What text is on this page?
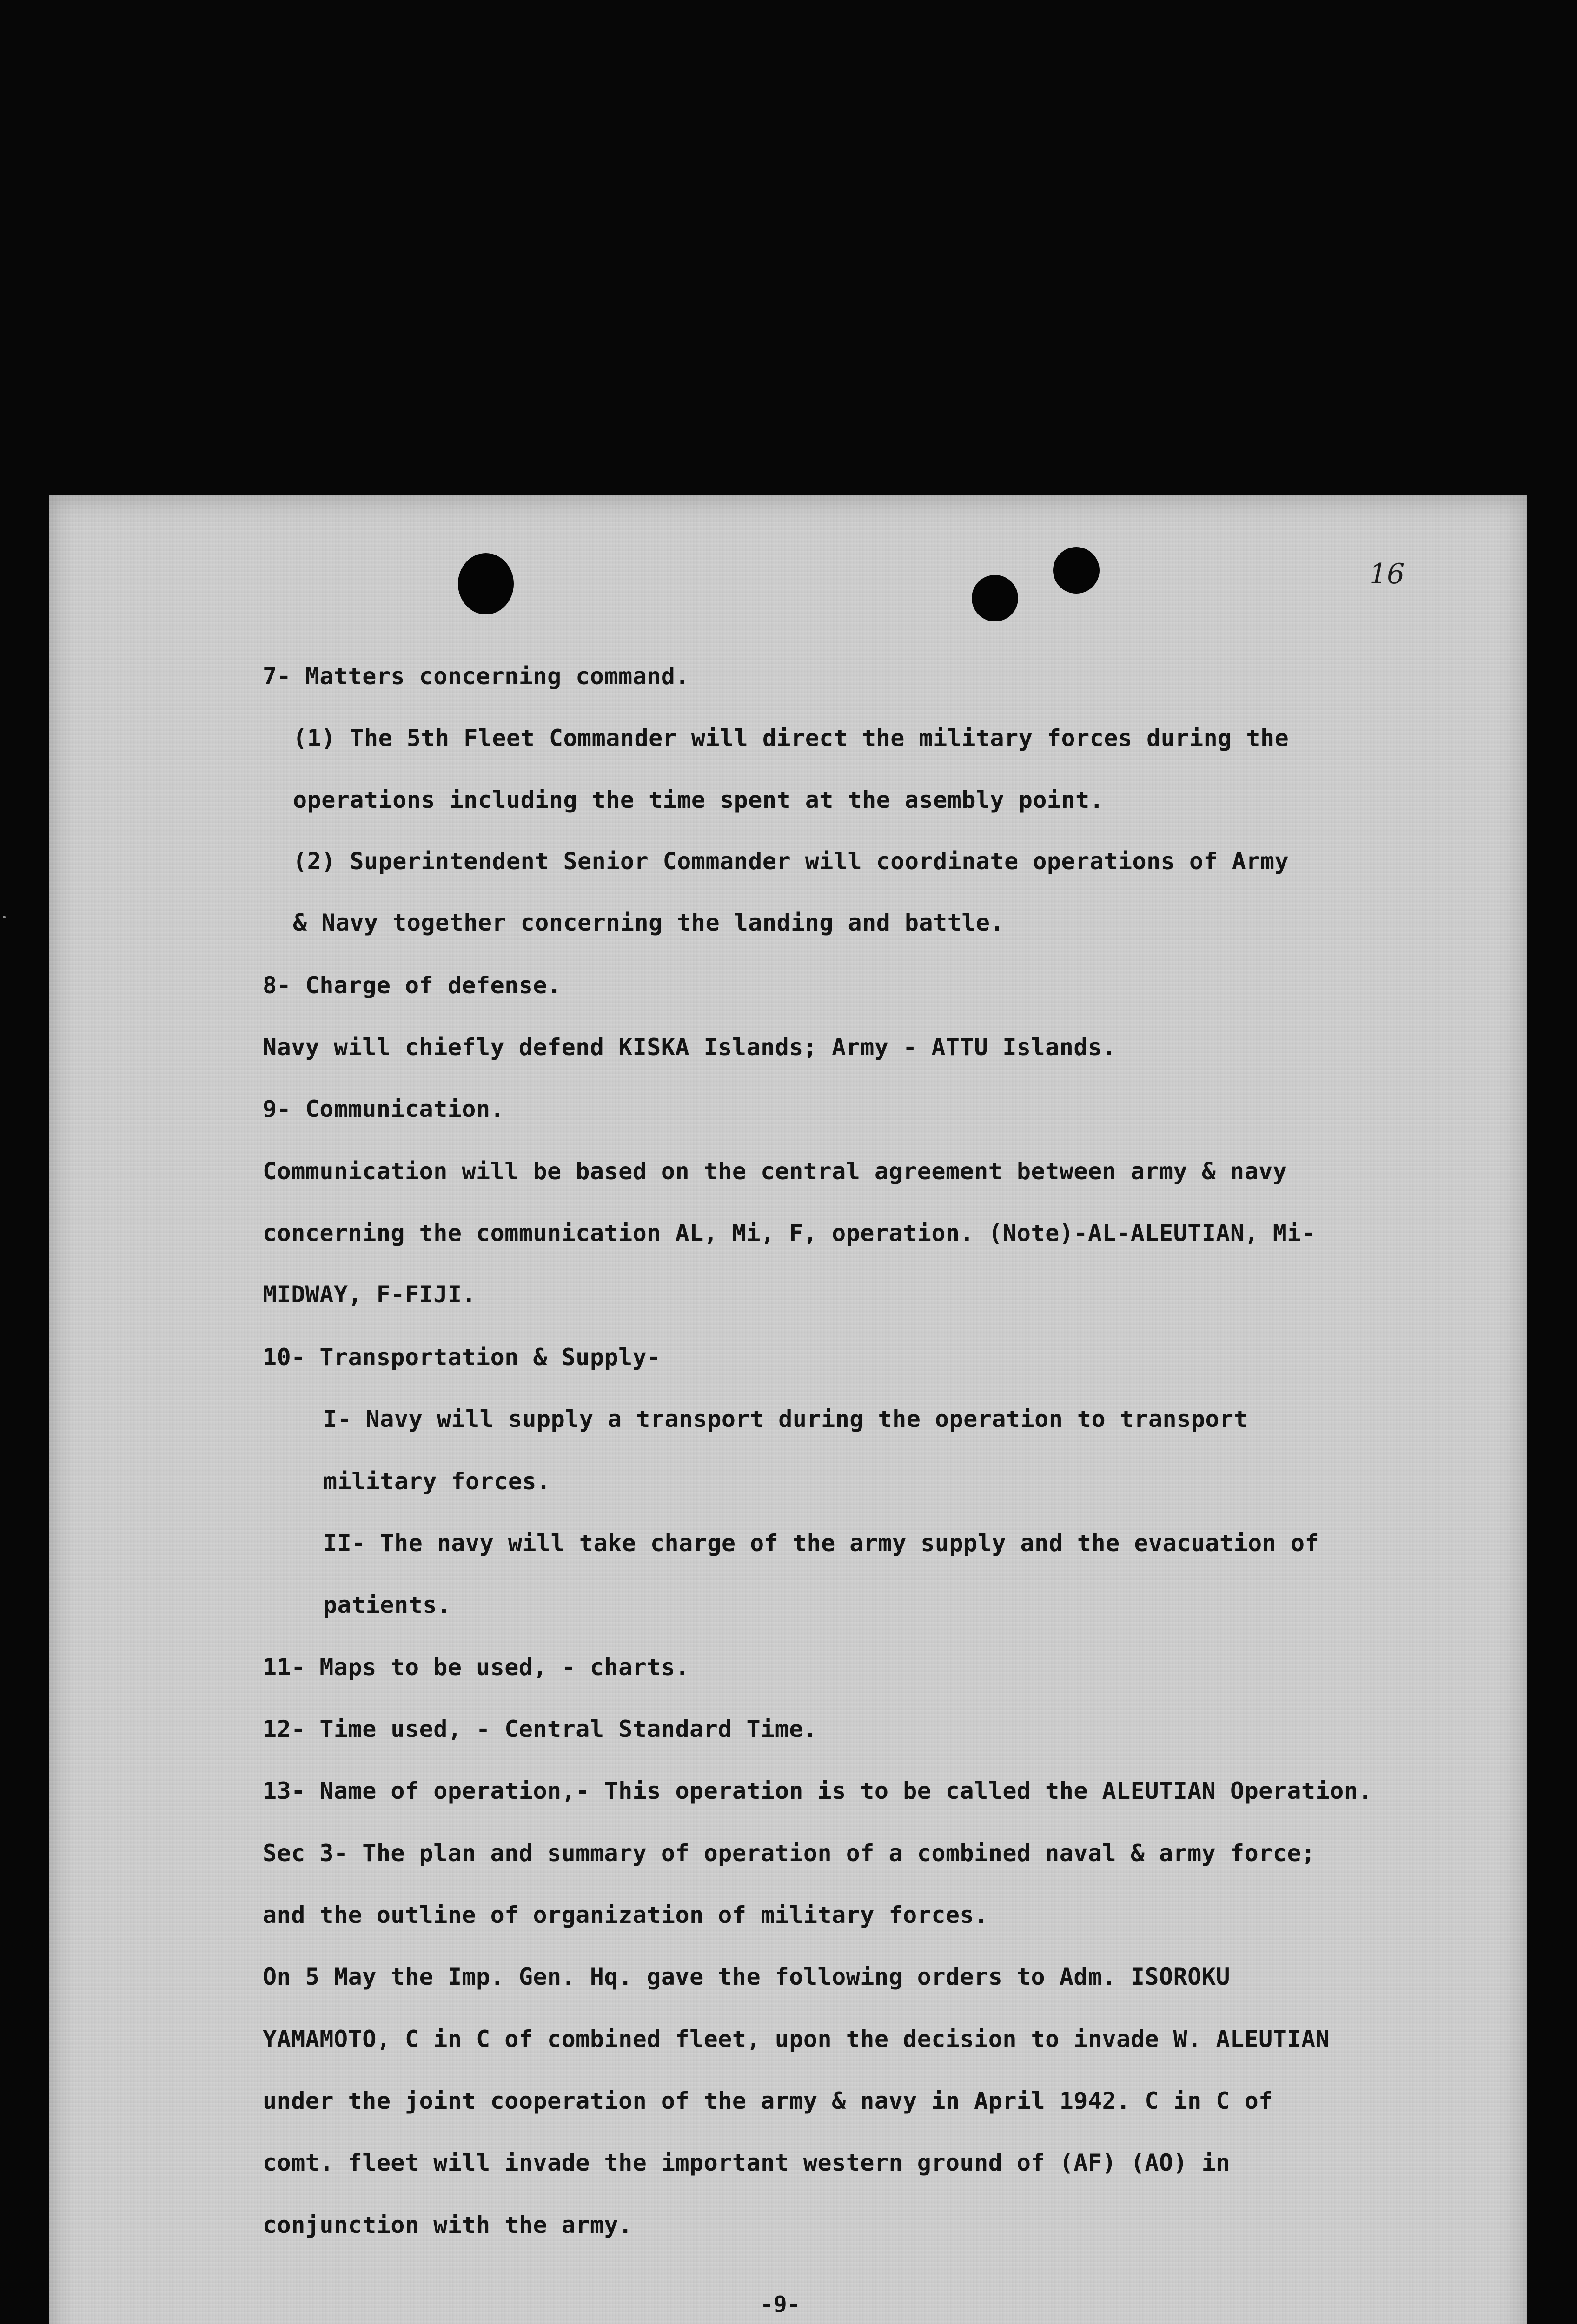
16
7- Matters concerning command.
(1) The 5th Fleet Commander will direct the military forces during the
operations including the time spent at the asembly point.
(2) Superintendent Senior Commander will coordinate operations of Army
& Navy together concerning the landing and battle.
8- Charge of defense.
Navy will chiefly defend KISKA Islands; Army - ATTU Islands.
9- Communication.
Communication will be based on the central agreement between army & navy
concerning the communication AL, Mi, F, operation. (Note)-AL-ALEUTIAN, Mi-
MIDWAY, F-FIJI.
10- Transportation & Supply-
I- Navy will supply a transport during the operation to transport
military forces.
II- The navy will take charge of the army supply and the evacuation of
patients.
11- Maps to be used, - charts.
12- Time used, - Central Standard Time.
13- Name of operation,- This operation is to be called the ALEUTIAN Operation.
Sec 3- The plan and summary of operation of a combined naval & army force;
and the outline of organization of military forces.
On 5 May the Imp. Gen. Hq. gave the following orders to Adm. ISOROKU
YAMAMOTO, C in C of combined fleet, upon the decision to invade W. ALEUTIAN
under the joint cooperation of the army & navy in April 1942. C in C of
comt. fleet will invade the important western ground of (AF) (AO) in
conjunction with the army.
-9-
